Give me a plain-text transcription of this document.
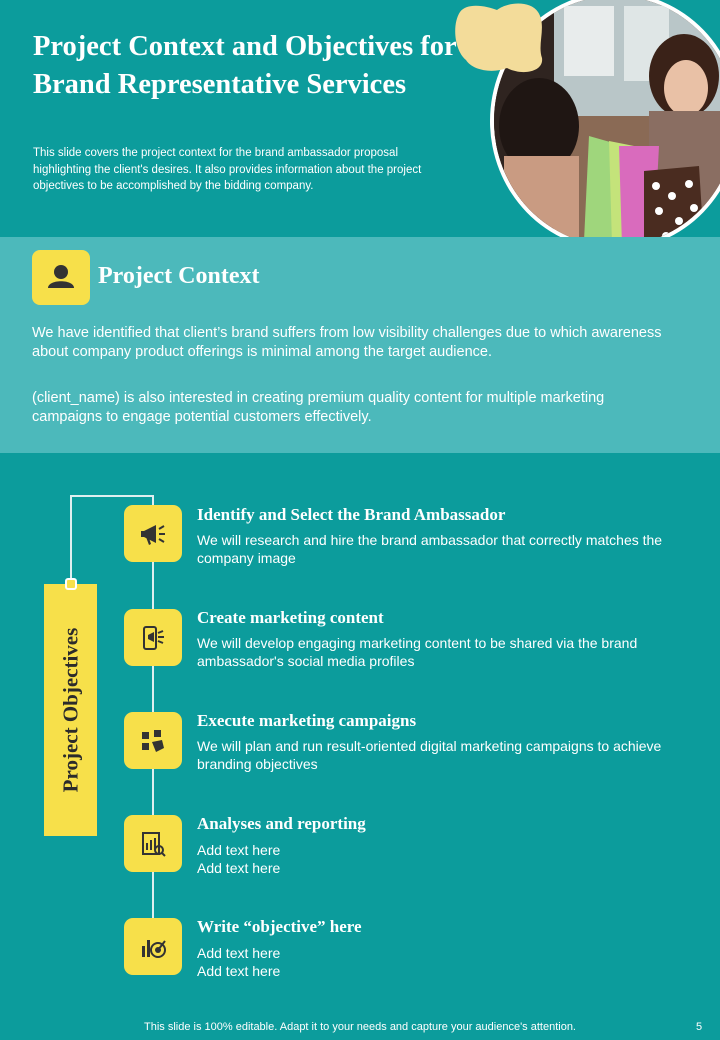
Project Context and Objectives for Brand Representative Services
This slide covers the project context for the brand ambassador proposal highlighting the client's desires. It also provides information about the project objectives to be accomplished by the bidding company.
Project Context
We have identified that client’s brand suffers from low visibility challenges due to which awareness about company product offerings is minimal among the target audience.
(client_name) is also interested in creating premium quality content for multiple marketing campaigns to engage potential customers effectively.
Project Objectives
Identify and Select the Brand Ambassador
We will research and hire the brand ambassador that correctly matches the company image
Create marketing content
We will develop engaging marketing content to be shared via the brand ambassador's social media profiles
Execute marketing campaigns
We will plan and run result-oriented digital marketing campaigns to achieve branding objectives
Analyses and reporting
Add text here
Add text here
Write “objective” here
Add text here
Add text here
This slide is 100% editable. Adapt it to your needs and capture your audience's attention.	5
